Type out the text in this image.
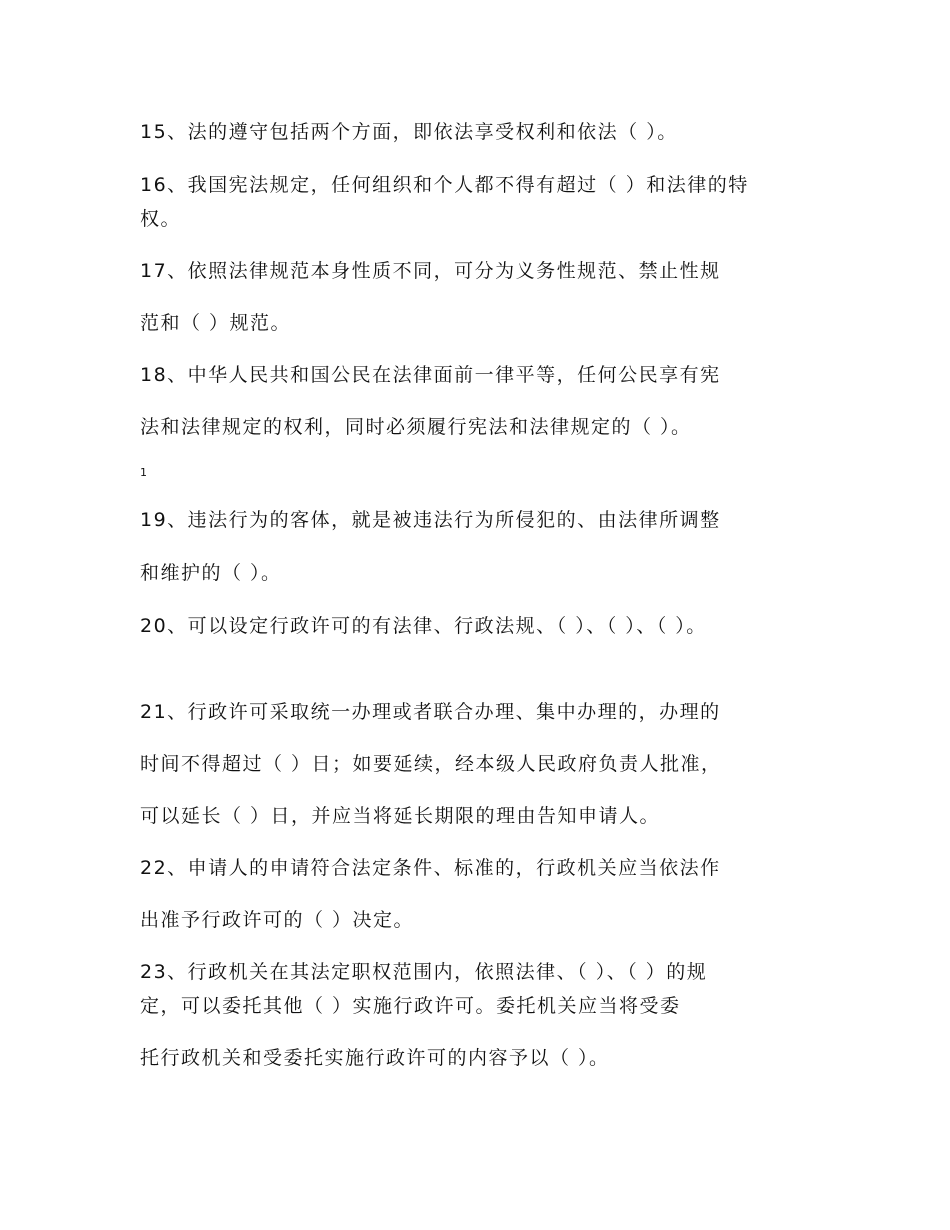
15、法的遵守包括两个方面，即依法享受权利和依法（ ）。
16、我国宪法规定，任何组织和个人都不得有超过（ ）和法律的特
权。
17、依照法律规范本身性质不同，可分为义务性规范、禁止性规
范和（ ）规范。
18、中华人民共和国公民在法律面前一律平等，任何公民享有宪
法和法律规定的权利，同时必须履行宪法和法律规定的（ ）。
1
19、违法行为的客体，就是被违法行为所侵犯的、由法律所调整
和维护的（ ）。
20、可以设定行政许可的有法律、行政法规、（ ）、（ ）、（ ）。
21、行政许可采取统一办理或者联合办理、集中办理的，办理的
时间不得超过（ ）日；如要延续，经本级人民政府负责人批准，
可以延长（ ）日，并应当将延长期限的理由告知申请人。
22、申请人的申请符合法定条件、标准的，行政机关应当依法作
出准予行政许可的（ ）决定。
23、行政机关在其法定职权范围内，依照法律、（ ）、（ ）的规
定，可以委托其他（ ）实施行政许可。委托机关应当将受委
托行政机关和受委托实施行政许可的内容予以（ ）。
